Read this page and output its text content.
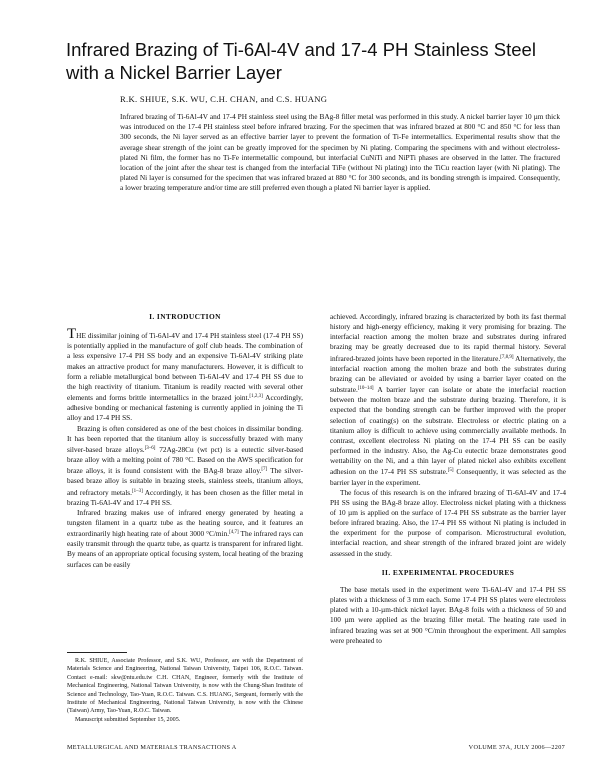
Infrared Brazing of Ti-6Al-4V and 17-4 PH Stainless Steel with a Nickel Barrier Layer
R.K. SHIUE, S.K. WU, C.H. CHAN, and C.S. HUANG

Infrared brazing of Ti-6Al-4V and 17-4 PH stainless steel using the BAg-8 filler metal was performed in this study. A nickel barrier layer 10 µm thick was introduced on the 17-4 PH stainless steel before infrared brazing. For the specimen that was infrared brazed at 800 °C and 850 °C for less than 300 seconds, the Ni layer served as an effective barrier layer to prevent the formation of Ti-Fe intermetallics. Experimental results show that the average shear strength of the joint can be greatly improved for the specimen by Ni plating. Comparing the specimens with and without electroless-plated Ni film, the former has no Ti-Fe intermetallic compound, but interfacial CuNiTi and NiPTi phases are observed in the latter. The fractured location of the joint after the shear test is changed from the interfacial TiFe (without Ni plating) into the TiCu reaction layer (with Ni plating). The plated Ni layer is consumed for the specimen that was infrared brazed at 880 °C for 300 seconds, and its bonding strength is impaired. Consequently, a lower brazing temperature and/or time are still preferred even though a plated Ni barrier layer is applied.

I. INTRODUCTION

THE dissimilar joining of Ti-6Al-4V and 17-4 PH stainless steel (17-4 PH SS) is potentially applied in the manufacture of golf club heads. The combination of a less expensive 17-4 PH SS body and an expensive Ti-6Al-4V striking plate makes an attractive product for many manufacturers. However, it is difficult to form a reliable metallurgical bond between Ti-6Al-4V and 17-4 PH SS due to the high reactivity of titanium. Titanium is readily reacted with several other elements and forms brittle intermetallics in the brazed joint.[1,2,3] Accordingly, adhesive bonding or mechanical fastening is currently applied in joining the Ti alloy and 17-4 PH SS.

Brazing is often considered as one of the best choices in dissimilar bonding. It has been reported that the titanium alloy is successfully brazed with many silver-based braze alloys.[3–6] 72Ag-28Cu (wt pct) is a eutectic silver-based braze alloy with a melting point of 780 °C. Based on the AWS specification for braze alloys, it is found consistent with the BAg-8 braze alloy.[7] The silver-based braze alloy is suitable in brazing steels, stainless steels, titanium alloys, and refractory metals.[1–3] Accordingly, it has been chosen as the filler metal in brazing Ti-6Al-4V and 17-4 PH SS.

Infrared brazing makes use of infrared energy generated by heating a tungsten filament in a quartz tube as the heating source, and it features an extraordinarily high heating rate of about 3000 °C/min.[4,7] The infrared rays can easily transmit through the quartz tube, as quartz is transparent for infrared light. By means of an appropriate optical focusing system, local heating of the brazing surfaces can be easily

achieved. Accordingly, infrared brazing is characterized by both its fast thermal history and high-energy efficiency, making it very promising for brazing. The interfacial reaction among the molten braze and substrates during infrared brazing may be greatly decreased due to its rapid thermal history. Several infrared-brazed joints have been reported in the literature.[7,8,9] Alternatively, the interfacial reaction among the molten braze and both the substrates during brazing can be alleviated or avoided by using a barrier layer coated on the substrate.[10–14] A barrier layer can isolate or abate the interfacial reaction between the molten braze and the substrate during brazing. Therefore, it is expected that the bonding strength can be further improved with the proper selection of coating(s) on the substrate. Electroless or electric plating on a titanium alloy is difficult to achieve using commercially available methods. In contrast, excellent electroless Ni plating on the 17-4 PH SS can be easily performed in the industry. Also, the Ag-Cu eutectic braze demonstrates good wettability on the Ni, and a thin layer of plated nickel also exhibits excellent adhesion on the 17-4 PH SS substrate.[5] Consequently, it was selected as the barrier layer in the experiment.

The focus of this research is on the infrared brazing of Ti-6Al-4V and 17-4 PH SS using the BAg-8 braze alloy. Electroless nickel plating with a thickness of 10 µm is applied on the surface of 17-4 PH SS substrate as the barrier layer before infrared brazing. Also, the 17-4 PH SS without Ni plating is included in the experiment for the purpose of comparison. Microstructural evolution, interfacial reaction, and shear strength of the infrared brazed joint are widely assessed in the study.

II. EXPERIMENTAL PROCEDURES

The base metals used in the experiment were Ti-6Al-4V and 17-4 PH SS plates with a thickness of 3 mm each. Some 17-4 PH SS plates were electroless plated with a 10-µm-thick nickel layer. BAg-8 foils with a thickness of 50 and 100 µm were applied as the brazing filler metal. The heating rate used in infrared brazing was set at 900 °C/min throughout the experiment. All samples were preheated to

R.K. SHIUE, Associate Professor, and S.K. WU, Professor, are with the Department of Materials Science and Engineering, National Taiwan University, Taipei 106, R.O.C. Taiwan. Contact e-mail: skw@ntu.edu.tw C.H. CHAN, Engineer, formerly with the Institute of Mechanical Engineering, National Taiwan University, is now with the Chung-Shan Institute of Science and Technology, Tao-Yuan, R.O.C. Taiwan. C.S. HUANG, Sergeant, formerly with the Institute of Mechanical Engineering, National Taiwan University, is now with the Chinese (Taiwan) Army, Tao-Yuan, R.O.C. Taiwan.

Manuscript submitted September 15, 2005.

METALLURGICAL AND MATERIALS TRANSACTIONS A	VOLUME 37A, JULY 2006—2207
